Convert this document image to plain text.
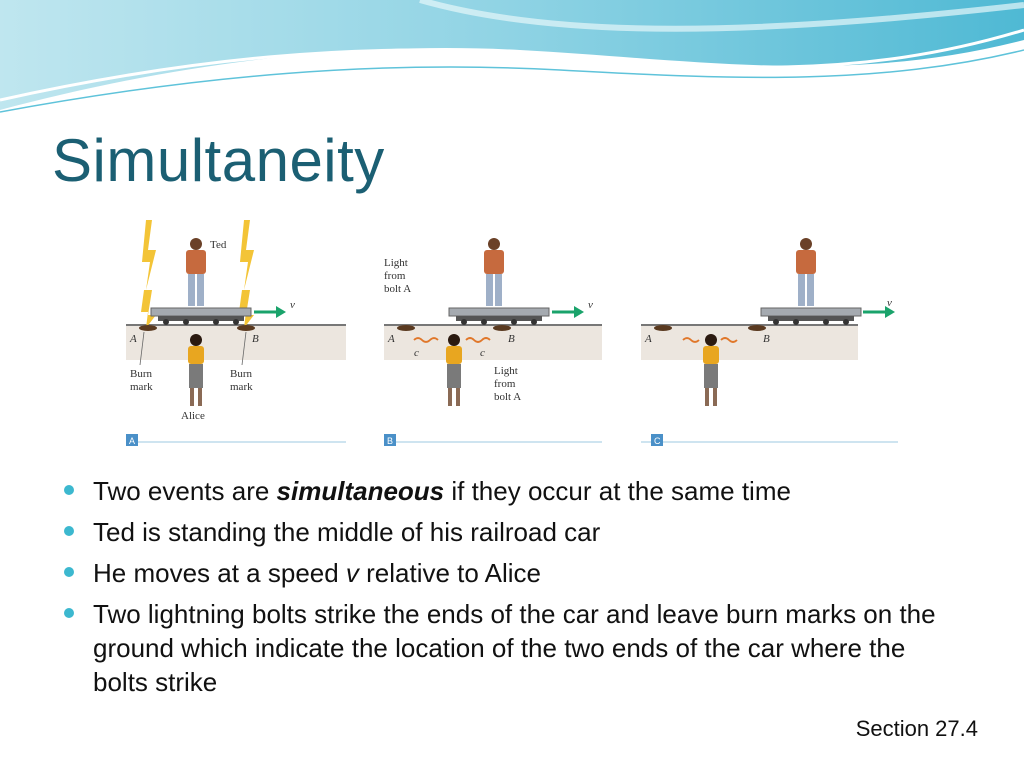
Simultaneity
v
Ted
A	B
Burn
mark
Burn
mark
Alice
A
v
Light
from
bolt A
A	B
c	c
Light
from
bolt A
B
v
A	B
C
Two events are simultaneous if they occur at the same time
Ted is standing the middle of his railroad car
He moves at a speed v relative to Alice
Two lightning bolts strike the ends of the car and leave burn marks on the ground which indicate the location of the two ends of the car where the bolts strike
Section 27.4
